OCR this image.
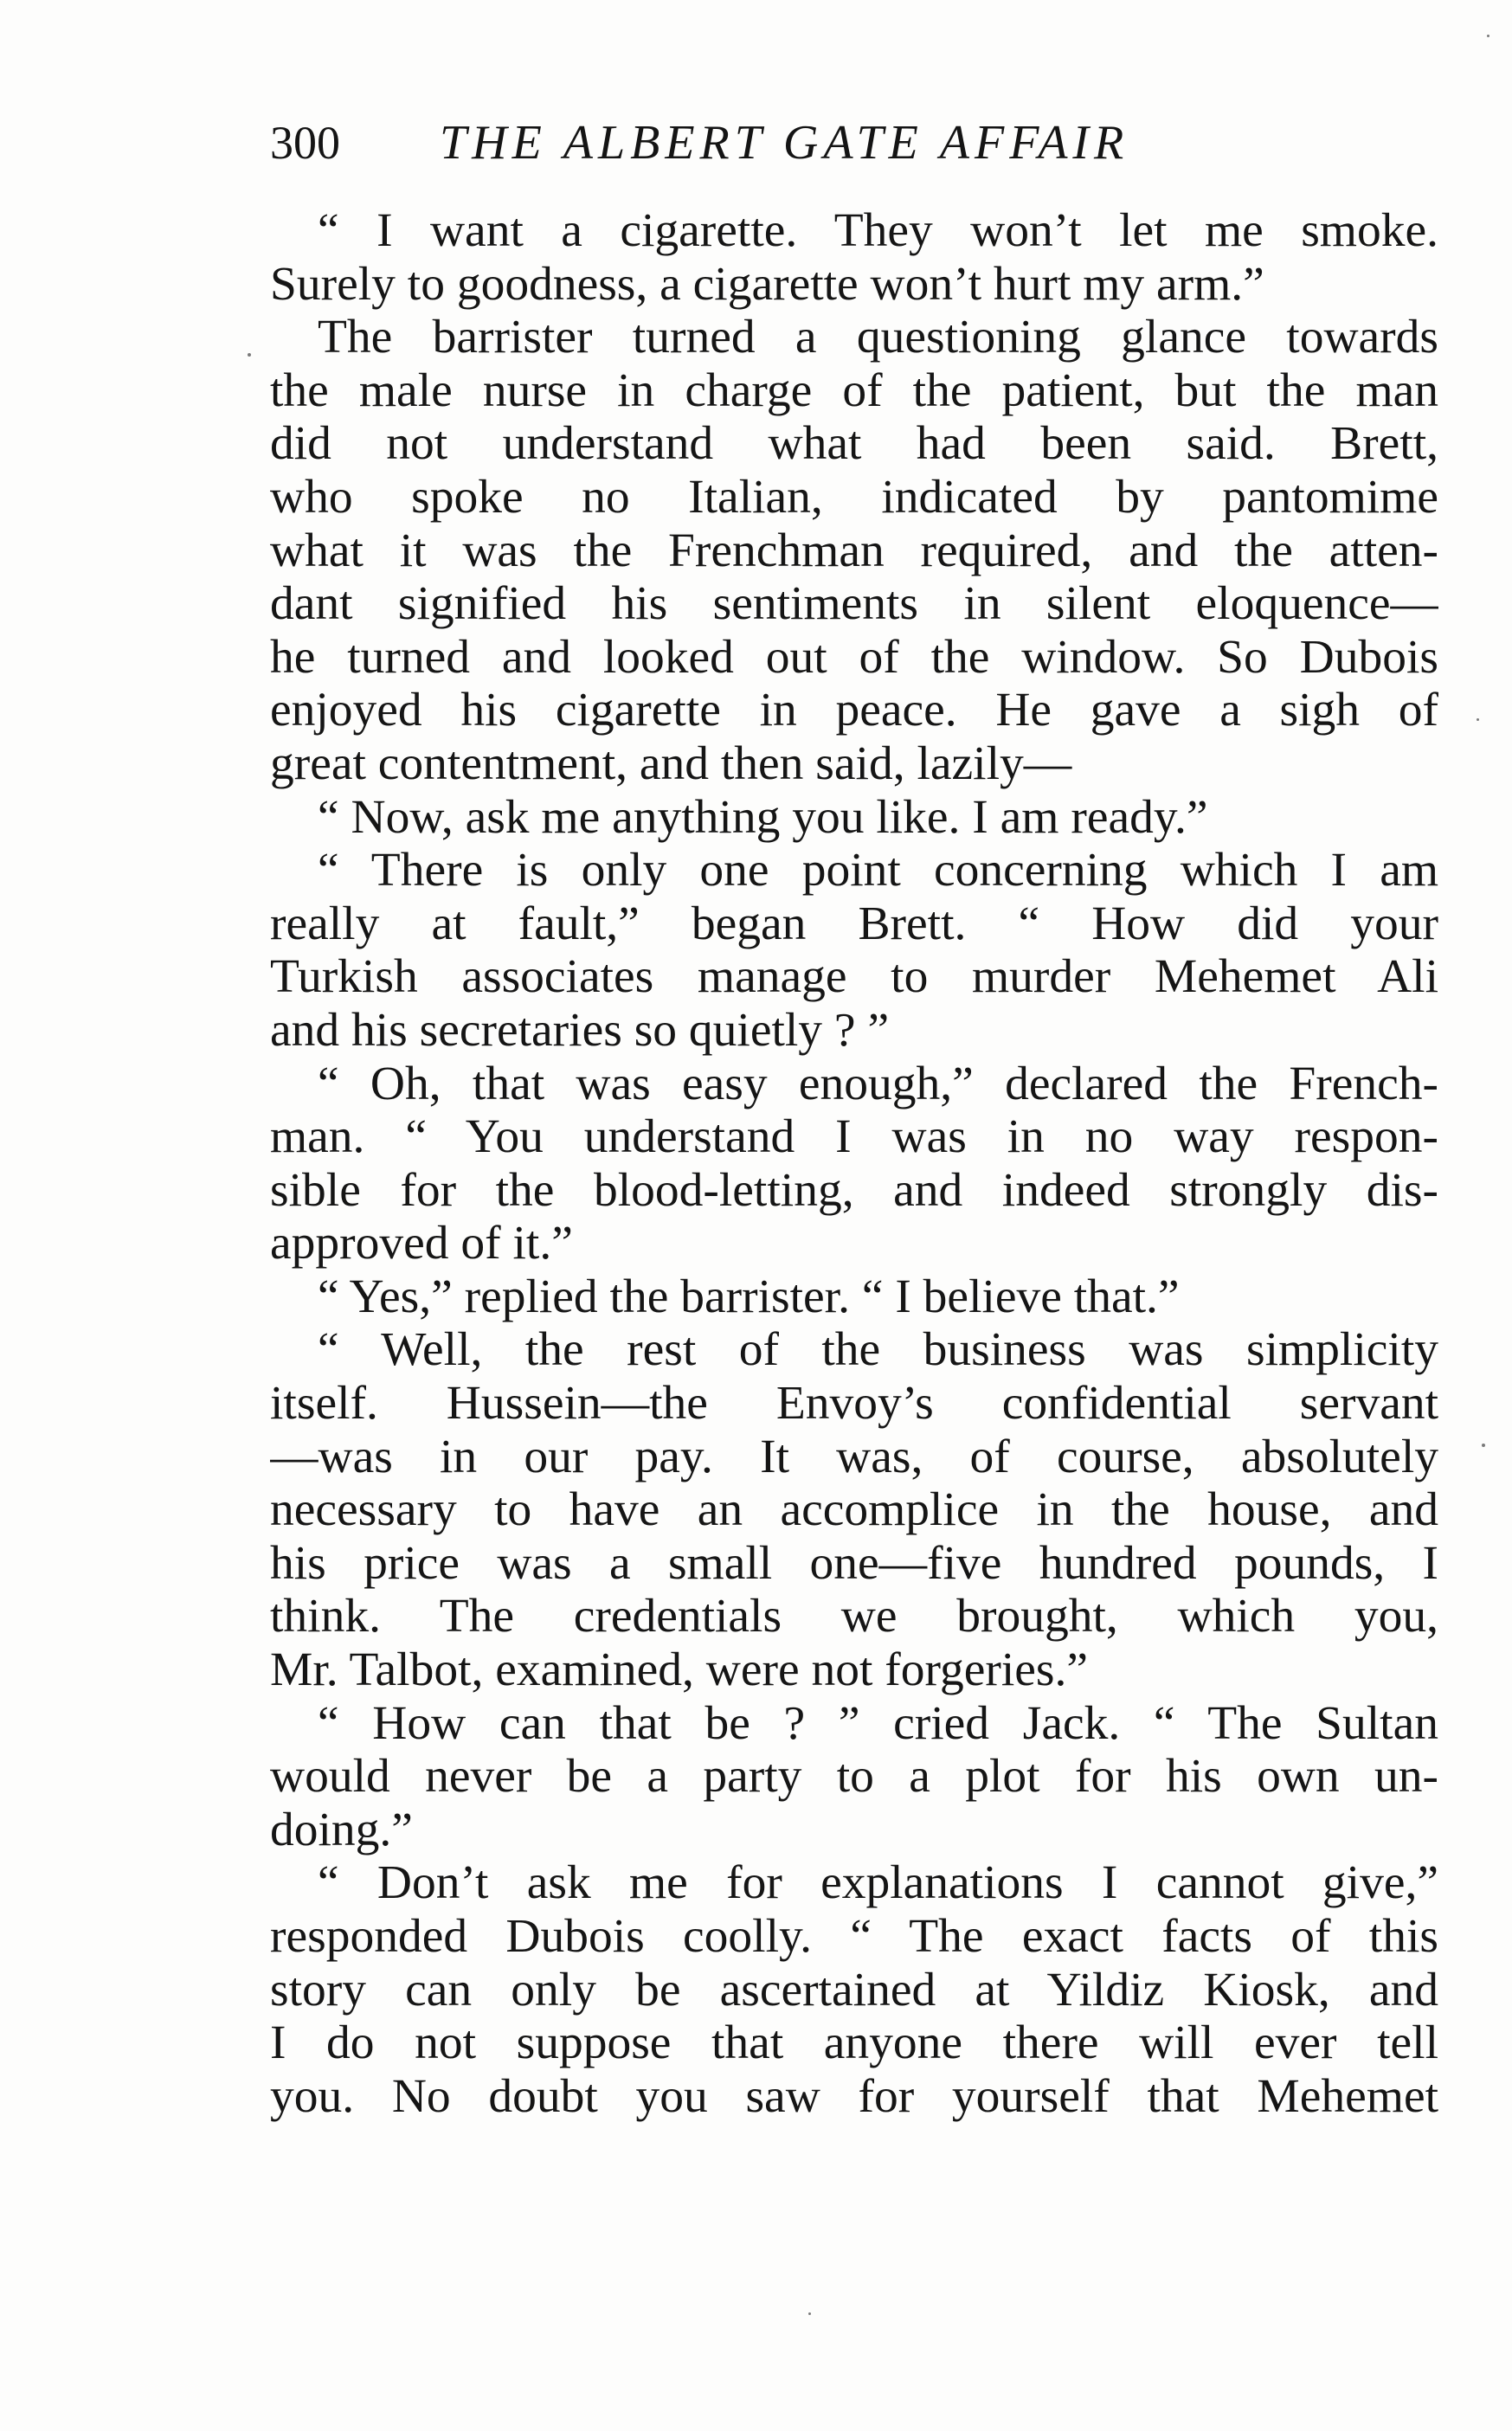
300 THE ALBERT GATE AFFAIR
“ I want a cigarette. They won’t let me smoke.
Surely to goodness, a cigarette won’t hurt my arm.”
The barrister turned a questioning glance towards
the male nurse in charge of the patient, but the man
did not understand what had been said. Brett,
who spoke no Italian, indicated by pantomime
what it was the Frenchman required, and the atten-
dant signified his sentiments in silent eloquence—
he turned and looked out of the window. So Dubois
enjoyed his cigarette in peace. He gave a sigh of
great contentment, and then said, lazily—
“ Now, ask me anything you like. I am ready.”
“ There is only one point concerning which I am
really at fault,” began Brett. “ How did your
Turkish associates manage to murder Mehemet Ali
and his secretaries so quietly ? ”
“ Oh, that was easy enough,” declared the French-
man. “ You understand I was in no way respon-
sible for the blood-letting, and indeed strongly dis-
approved of it.”
“ Yes,” replied the barrister. “ I believe that.”
“ Well, the rest of the business was simplicity
itself. Hussein—the Envoy’s confidential servant
—was in our pay. It was, of course, absolutely
necessary to have an accomplice in the house, and
his price was a small one—five hundred pounds, I
think. The credentials we brought, which you,
Mr. Talbot, examined, were not forgeries.”
“ How can that be ? ” cried Jack. “ The Sultan
would never be a party to a plot for his own un-
doing.”
“ Don’t ask me for explanations I cannot give,”
responded Dubois coolly. “ The exact facts of this
story can only be ascertained at Yildiz Kiosk, and
I do not suppose that anyone there will ever tell
you. No doubt you saw for yourself that Mehemet
